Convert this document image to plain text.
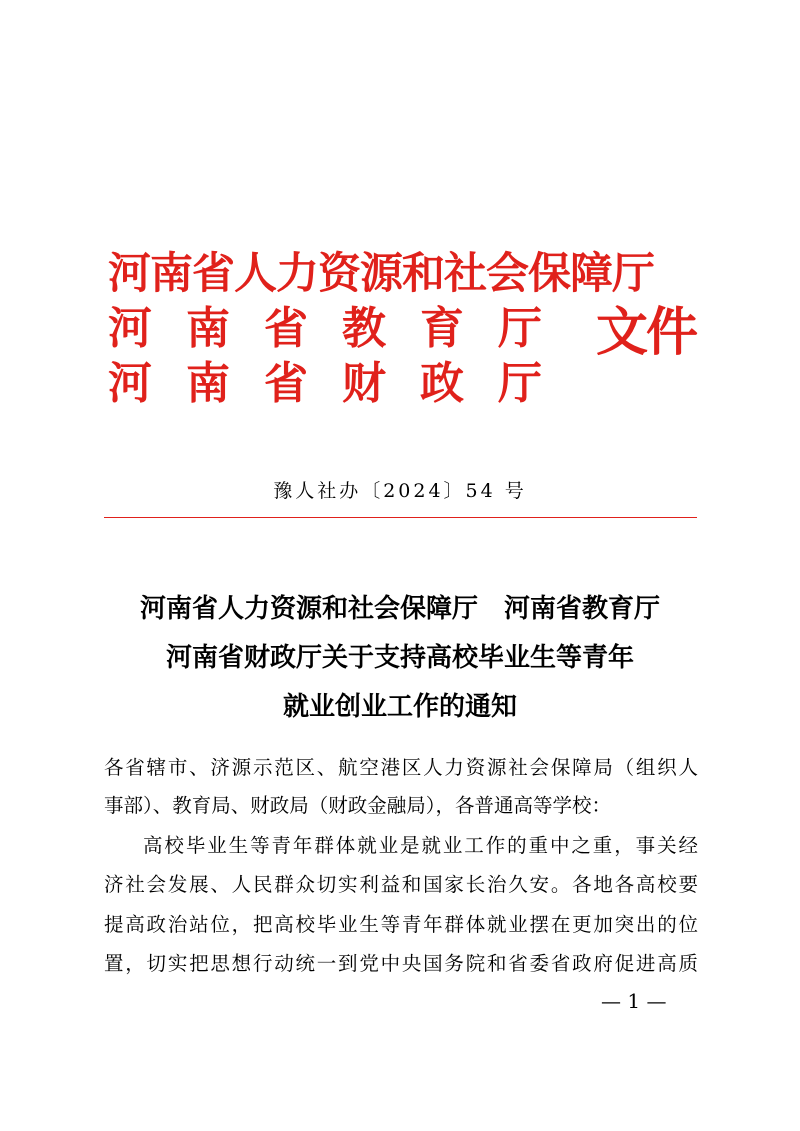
河南省人力资源和社会保障厅
河南省教育厅
河南省财政厅
文件
豫人社办〔2024〕54 号
河南省人力资源和社会保障厅　河南省教育厅
河南省财政厅关于支持高校毕业生等青年
就业创业工作的通知
各省辖市、济源示范区、航空港区人力资源社会保障局（组织人
事部）、教育局、财政局（财政金融局），各普通高等学校：
高校毕业生等青年群体就业是就业工作的重中之重，事关经
济社会发展、人民群众切实利益和国家长治久安。各地各高校要
提高政治站位，把高校毕业生等青年群体就业摆在更加突出的位
置，切实把思想行动统一到党中央国务院和省委省政府促进高质
— 1 —
